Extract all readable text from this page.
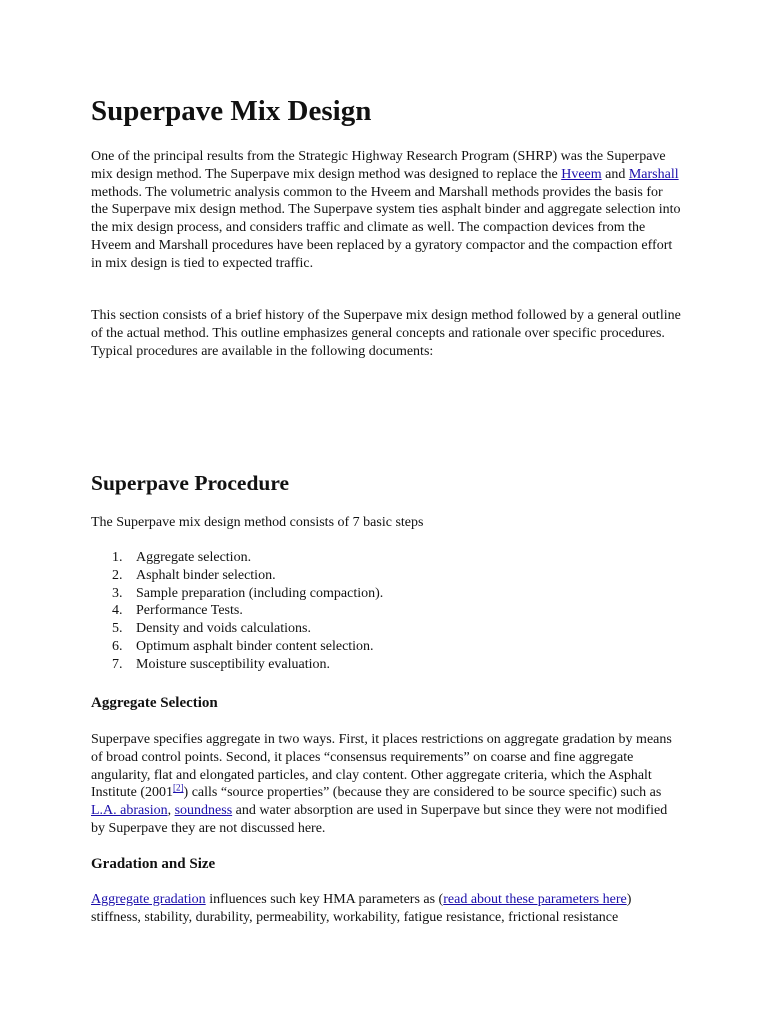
Superpave Mix Design

One of the principal results from the Strategic Highway Research Program (SHRP) was the Superpave mix design method. The Superpave mix design method was designed to replace the Hveem and Marshall methods. The volumetric analysis common to the Hveem and Marshall methods provides the basis for the Superpave mix design method. The Superpave system ties asphalt binder and aggregate selection into the mix design process, and considers traffic and climate as well. The compaction devices from the Hveem and Marshall procedures have been replaced by a gyratory compactor and the compaction effort in mix design is tied to expected traffic.

This section consists of a brief history of the Superpave mix design method followed by a general outline of the actual method. This outline emphasizes general concepts and rationale over specific procedures. Typical procedures are available in the following documents:

Superpave Procedure

The Superpave mix design method consists of 7 basic steps

1. Aggregate selection.
2. Asphalt binder selection.
3. Sample preparation (including compaction).
4. Performance Tests.
5. Density and voids calculations.
6. Optimum asphalt binder content selection.
7. Moisture susceptibility evaluation.
Aggregate Selection

Superpave specifies aggregate in two ways. First, it places restrictions on aggregate gradation by means of broad control points. Second, it places “consensus requirements” on coarse and fine aggregate angularity, flat and elongated particles, and clay content. Other aggregate criteria, which the Asphalt Institute (2001[2]) calls “source properties” (because they are considered to be source specific) such as L.A. abrasion, soundness and water absorption are used in Superpave but since they were not modified by Superpave they are not discussed here.

Gradation and Size

Aggregate gradation influences such key HMA parameters as (read about these parameters here) stiffness, stability, durability, permeability, workability, fatigue resistance, frictional resistance
